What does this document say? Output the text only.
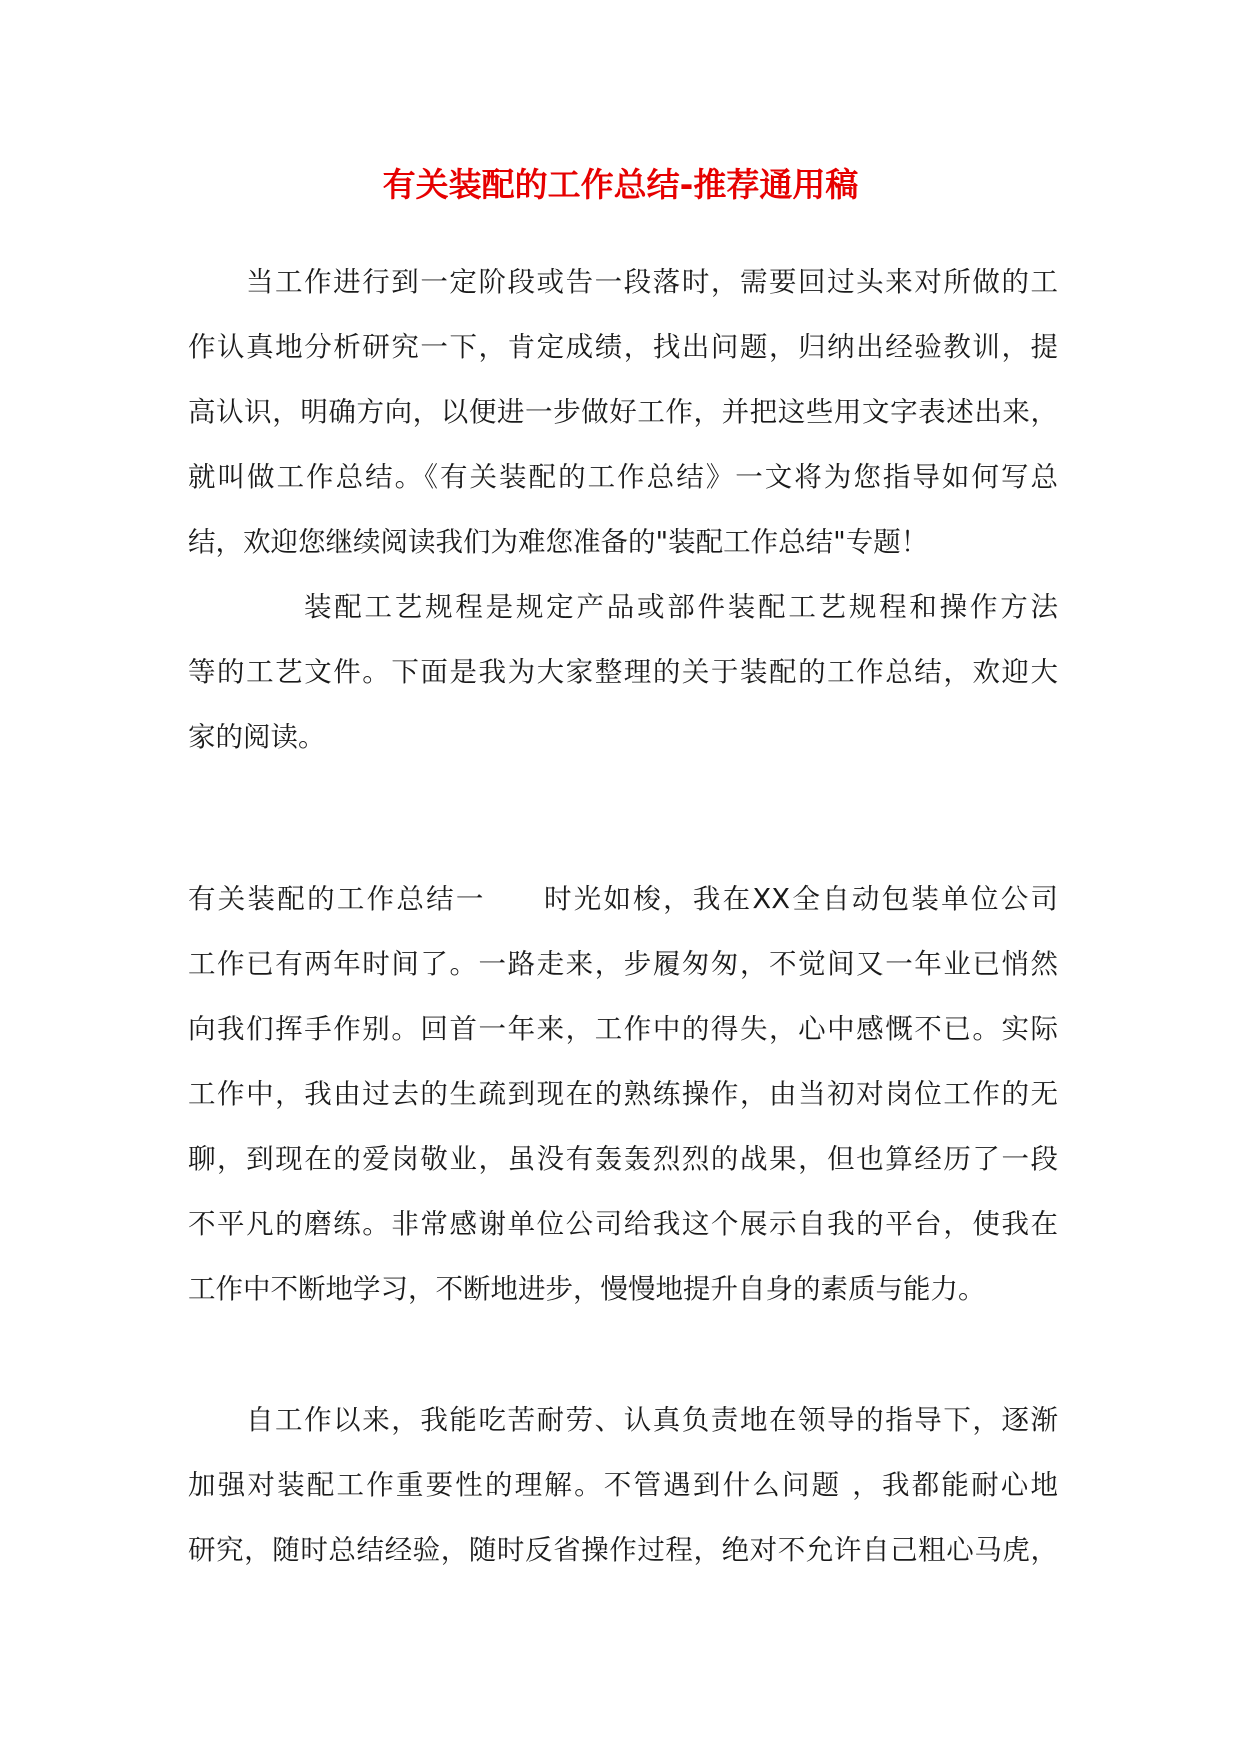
有关装配的工作总结-推荐通用稿
当工作进行到一定阶段或告一段落时，需要回过头来对所做的工
作认真地分析研究一下，肯定成绩，找出问题，归纳出经验教训，提
高认识，明确方向，以便进一步做好工作，并把这些用文字表述出来，
就叫做工作总结。《有关装配的工作总结》一文将为您指导如何写总
结，欢迎您继续阅读我们为难您准备的"装配工作总结"专题！
装配工艺规程是规定产品或部件装配工艺规程和操作方法
等的工艺文件。下面是我为大家整理的关于装配的工作总结，欢迎大
家的阅读。
有关装配的工作总结一 时光如梭，我在XX全自动包装单位公司
工作已有两年时间了。一路走来，步履匆匆，不觉间又一年业已悄然
向我们挥手作别。回首一年来，工作中的得失，心中感慨不已。实际
工作中，我由过去的生疏到现在的熟练操作，由当初对岗位工作的无
聊，到现在的爱岗敬业，虽没有轰轰烈烈的战果，但也算经历了一段
不平凡的磨练。非常感谢单位公司给我这个展示自我的平台，使我在
工作中不断地学习，不断地进步，慢慢地提升自身的素质与能力。
自工作以来，我能吃苦耐劳、认真负责地在领导的指导下，逐渐
加强对装配工作重要性的理解。不管遇到什么问题 ，我都能耐心地
研究，随时总结经验，随时反省操作过程，绝对不允许自己粗心马虎，
